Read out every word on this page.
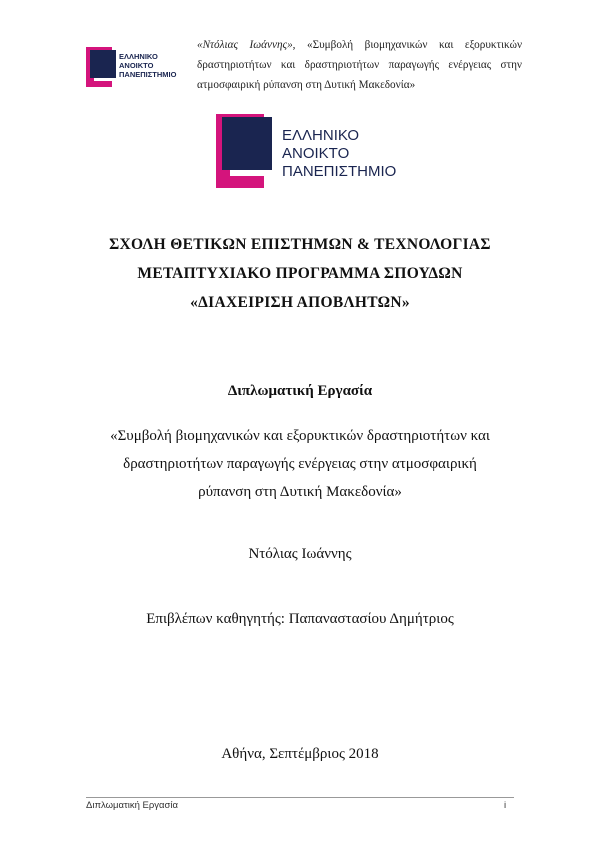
ΕΛΛΗΝΙΚΟ
ΑΝΟΙΚΤΟ
ΠΑΝΕΠΙΣΤΗΜΙΟ
«Ντόλιας Ιωάννης», «Συμβολή βιομηχανικών και εξορυκτικών δραστηριοτήτων και δραστηριοτήτων παραγωγής ενέργειας στην ατμοσφαιρική ρύπανση στη Δυτική Μακεδονία»
ΕΛΛΗΝΙΚΟ
ΑΝΟΙΚΤΟ
ΠΑΝΕΠΙΣΤΗΜΙΟ
ΣΧΟΛΗ ΘΕΤΙΚΩΝ ΕΠΙΣΤΗΜΩΝ & ΤΕΧΝΟΛΟΓΙΑΣ
ΜΕΤΑΠΤΥΧΙΑΚΟ ΠΡΟΓΡΑΜΜΑ ΣΠΟΥΔΩΝ
«ΔΙΑΧΕΙΡΙΣΗ ΑΠΟΒΛΗΤΩΝ»
Διπλωματική Εργασία
«Συμβολή βιομηχανικών και εξορυκτικών δραστηριοτήτων και
δραστηριοτήτων παραγωγής ενέργειας στην ατμοσφαιρική
ρύπανση στη Δυτική Μακεδονία»
Ντόλιας Ιωάννης
Επιβλέπων καθηγητής: Παπαναστασίου Δημήτριος
Αθήνα, Σεπτέμβριος 2018
Διπλωματική Εργασία	i
